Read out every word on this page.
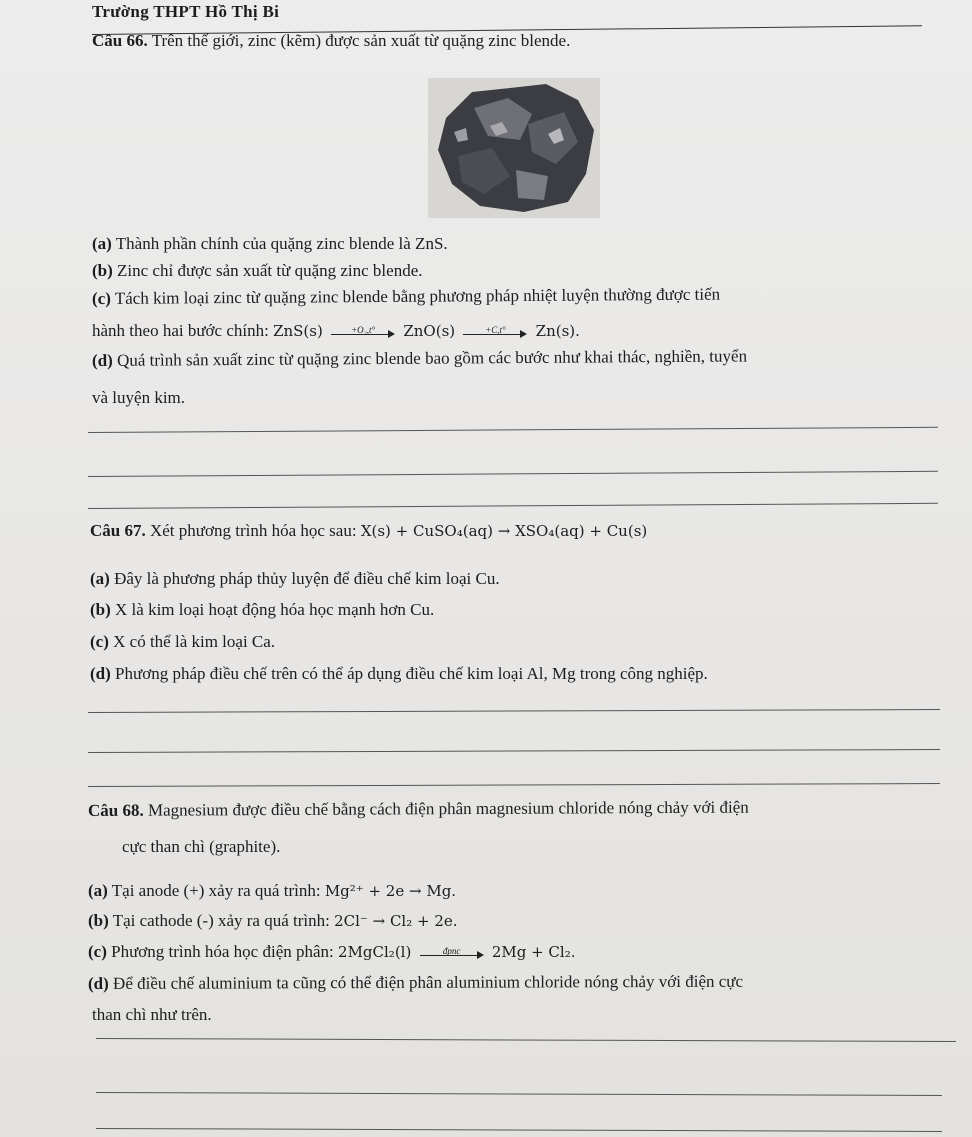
Trường THPT Hồ Thị Bi
Câu 66. Trên thế giới, zinc (kẽm) được sản xuất từ quặng zinc blende.
(a) Thành phần chính của quặng zinc blende là ZnS.
(b) Zinc chỉ được sản xuất từ quặng zinc blende.
(c) Tách kim loại zinc từ quặng zinc blende bằng phương pháp nhiệt luyện thường được tiến
hành theo hai bước chính: ZnS(s)	+O₂,t°	ZnO(s)	+C,t°	Zn(s).
(d) Quá trình sản xuất zinc từ quặng zinc blende bao gồm các bước như khai thác, nghiền, tuyển
và luyện kim.
Câu 67. Xét phương trình hóa học sau: X(s) + CuSO₄(aq) → XSO₄(aq) + Cu(s)
(a) Đây là phương pháp thủy luyện để điều chế kim loại Cu.
(b) X là kim loại hoạt động hóa học mạnh hơn Cu.
(c) X có thể là kim loại Ca.
(d) Phương pháp điều chế trên có thể áp dụng điều chế kim loại Al, Mg trong công nghiệp.
Câu 68. Magnesium được điều chế bằng cách điện phân magnesium chloride nóng chảy với điện
cực than chì (graphite).
(a) Tại anode (+) xảy ra quá trình: Mg²⁺ + 2e → Mg.
(b) Tại cathode (-) xảy ra quá trình: 2Cl⁻ → Cl₂ + 2e.
(c) Phương trình hóa học điện phân: 2MgCl₂(l)	đpnc	2Mg + Cl₂.
(d) Để điều chế aluminium ta cũng có thể điện phân aluminium chloride nóng chảy với điện cực
than chì như trên.
